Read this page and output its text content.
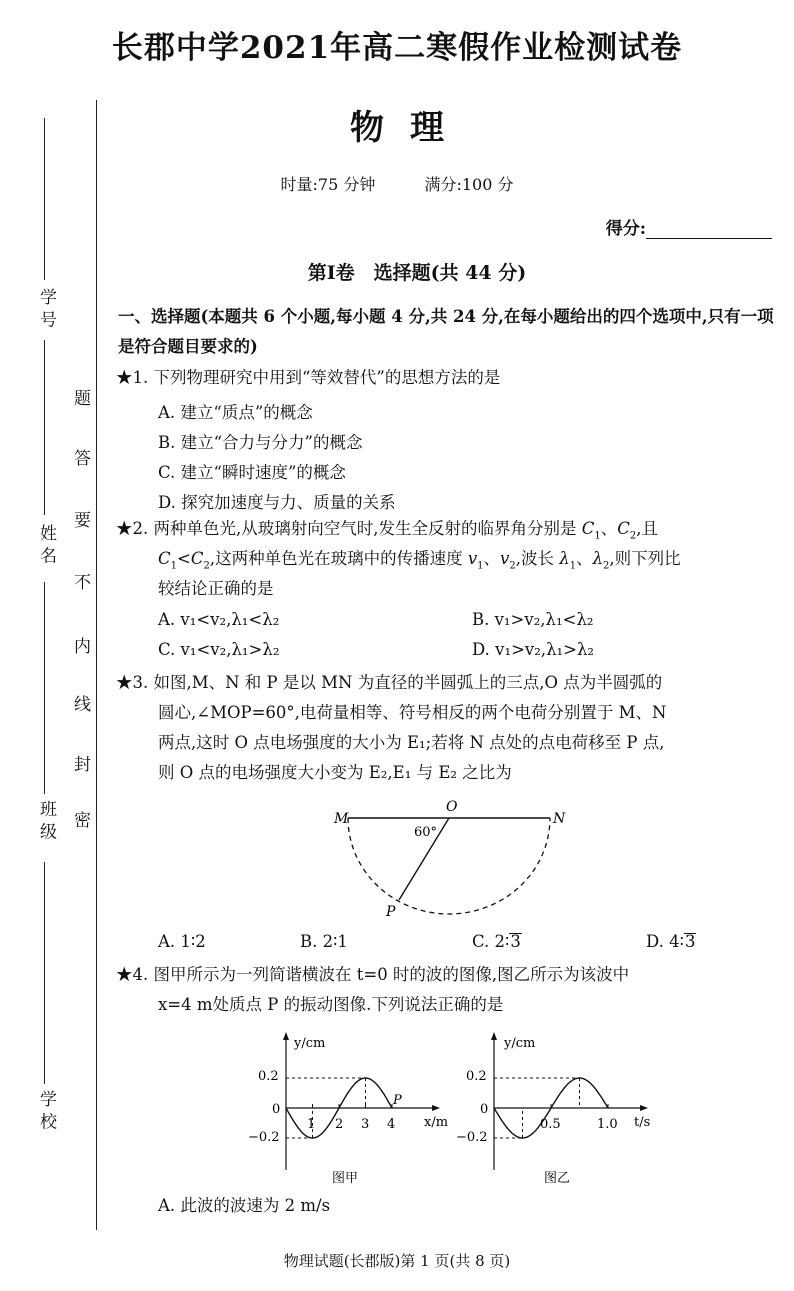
学 号
姓 名
班 级
学 校
密
封
线
内
不
要
答
题
长郡中学2021年高二寒假作业检测试卷
物理
时量:75 分钟	满分:100 分
得分:
第Ⅰ卷　选择题(共 44 分)
一、选择题(本题共 6 个小题,每小题 4 分,共 24 分,在每小题给出的四个选项中,只有一项是符合题目要求的)
★1. 下列物理研究中用到“等效替代”的思想方法的是
A. 建立“质点”的概念
B. 建立“合力与分力”的概念
C. 建立“瞬时速度”的概念
D. 探究加速度与力、质量的关系
★2. 两种单色光,从玻璃射向空气时,发生全反射的临界角分别是 $C_1$、$C_2$,且
$C_1<C_2$,这两种单色光在玻璃中的传播速度 $v_1$、$v_2$,波长 $\lambda_1$、$\lambda_2$,则下列比
较结论正确的是
A. v₁<v₂,λ₁<λ₂	B. v₁>v₂,λ₁<λ₂
C. v₁<v₂,λ₁>λ₂	D. v₁>v₂,λ₁>λ₂
★3. 如图,M、N 和 P 是以 MN 为直径的半圆弧上的三点,O 点为半圆弧的
圆心,∠MOP=60°,电荷量相等、符号相反的两个电荷分别置于 M、N
两点,这时 O 点电场强度的大小为 E₁;若将 N 点处的点电荷移至 P 点,
则 O 点的电场强度大小变为 E₂,E₁ 与 E₂ 之比为
M	N
O
P
60°
A. 1∶2	B. 2∶1	C. 2∶3	D. 4∶3
★4. 图甲所示为一列简谐横波在 t=0 时的波的图像,图乙所示为该波中
x=4 m处质点 P 的振动图像.下列说法正确的是
y/cm
x/m
0.2
0
−0.2
1 2 3 4
P
图甲
y/cm
t/s
0.2
0
−0.2
0.5	1.0
图乙
A. 此波的波速为 2 m/s
物理试题(长郡版)第 1 页(共 8 页)
